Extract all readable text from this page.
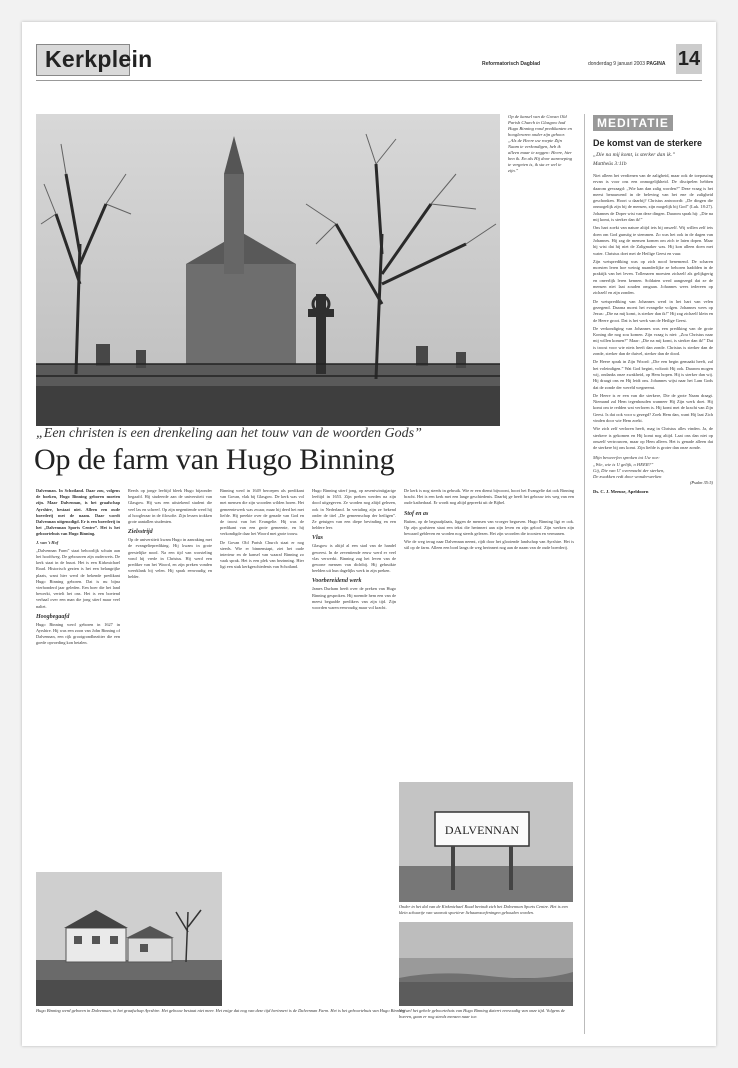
Kerkplein	Reformatorisch Dagblad	donderdag 9 januari 2003 PAGINA 14
Op de kansel van de Govan Old Parish Church in Glasgow had Hugo Binning rond predikanten en hoogleraren onder zijn gehoor. „Als de Heere uw roepte Zijn Naam te verkondigen, heb ik alleen maar te zeggen: Heere, hier ben ik. En als Hij door aanroeping te vergeten is, ik sta er wel te zijn.”
„Een christen is een drenkeling aan het touw van de woorden Gods”
Op de farm van Hugo Binning

Dalvennan. In Schotland. Daar zou, volgens de boeken, Hugo Binning geboren moeten zijn. Maar Dalvennan, is het graafschap Ayrshire, bestaat niet. Alleen een oude boerderij met de naam. Daar wordt Dalvennan uitgenodigd. Er is een boerderij in het „Dalvennan Sports Centre”. Het is het geboortehuis van Hugo Binning.

J. van 't Hof

„Dalvennan Farm” staat behoorlijk schuin aan het hoofdweg. De gebouwen zijn ouderwets. De kerk staat in de buurt. Het is een Kirkmichael Road. Historisch gezien is het een belangrijke plaats, want hier werd de bekende predikant Hugo Binning geboren. Dat is nu bijna vierhonderd jaar geleden. Een boer die het land bewerkt, vertelt het ons. Het is een boeiend verhaal over een man die jong stierf maar veel naliet.

Hoogbegaafd

Hugo Binning werd geboren in 1627 in Ayrshire. Hij was een zoon van John Binning of Dalvennan, een rijk grootgrondbezitter die een goede opvoeding kon betalen.

Reeds op jonge leeftijd bleek Hugo bijzonder begaafd. Hij studeerde aan de universiteit van Glasgow. Hij was een uitstekend student die veel las en schreef. Op zijn negentiende werd hij al hoogleraar in de filosofie. Zijn lessen trokken grote aantallen studenten.

Zielsstrijd

Op de universiteit kwam Hugo in aanraking met de evangelieprediking. Hij kwam in grote geestelijke nood. Na een tijd van worsteling vond hij vrede in Christus. Hij werd een prediker van het Woord, en zijn preken vonden weerklank bij velen. Hij sprak eenvoudig en helder.

Binning werd in 1649 beroepen als predikant van Govan, vlak bij Glasgow. De kerk was vol met mensen die zijn woorden wilden horen. Het gemeentewerk was zwaar, maar hij deed het met liefde. Hij preekte over de genade van God en de troost van het Evangelie. Hij was de predikant van een grote gemeente, en hij verkondigde daar het Woord met grote trouw.

De Govan Old Parish Church staat er nog steeds. Wie er binnenstapt, ziet het oude interieur en de kansel van waaraf Binning zo vaak sprak. Het is een plek van bezinning. Hier ligt een stuk kerkgeschiedenis van Schotland.

Hugo Binning stierf jong, op zesentwintigjarige leeftijd in 1653. Zijn preken werden na zijn dood uitgegeven. Ze worden nog altijd gelezen, ook in Nederland. In vertaling zijn ze bekend onder de titel „De gemeenschap der heiligen”. Ze getuigen van een diepe bevinding en een heldere leer.

Vlas

Glasgow is altijd al een stad van de handel geweest. In de zeventiende eeuw werd er veel vlas verwerkt. Binning zag het leven van de gewone mensen van dichtbij. Hij gebruikte beelden uit hun dagelijks werk in zijn preken.

Voorbereidend werk

James Durham heeft over de preken van Hugo Binning gesproken. Hij noemde hem een van de meest begaafde predikers van zijn tijd. Zijn woorden waren eenvoudig maar vol kracht.

De kerk is nog steeds in gebruik. Wie er een dienst bijwoont, hoort het Evangelie dat ook Binning bracht. Het is een kerk met een lange geschiedenis. Daarbij ge heeft het gebouw iets weg van een oude kathedraal. Er wordt nog altijd gepreekt uit de Bijbel.

Stof en as

Buiten, op de begraafplaats, liggen de mensen van vroeger begraven. Hugo Binning ligt er ook. Op zijn grafsteen staat een tekst die herinnert aan zijn leven en zijn geloof. Zijn werken zijn bewaard gebleven en worden nog steeds gelezen. Het zijn woorden die troosten en vermanen.

Wie de weg terug naar Dalvennan neemt, rijdt door het glooiende landschap van Ayrshire. Het is stil op de farm. Alleen een bord langs de weg herinnert nog aan de naam van de oude boerderij.

Hugo Binning werd geboren in Dalvennan, in het graafschap Ayrshire. Het gebouw bestaat niet meer. Het enige dat nog van deze tijd herinnert is de Dalvennan Farm. Het is het geboortehuis van Hugo Binning.
DALVENNAN
Onder in het dal van de Kirkmichael Road bevindt zich het Dalvennan Sports Centre. Het is een klein schuurtje van waaruit sportieve lichaamsoefeningen gehouden worden.
Vrijwel het gehele geboortehuis van Hugo Binning daterrt eenvoudig van onze tijd. Volgens de boeren, gaan er nog steeds mensen naar toe.
MEDITATIE
De komst van de sterkere
„Die na mij komt, is sterker dan ik.”
Mattheüs 3:11b

Niet alleen het verdienen van de zaligheid, maar ook de toepassing ervan is voor ons een onmogelijkheid. De discipelen hebben daarom gevraagd: „Wie kan dan zalig worden?” Deze vraag is het meest benauwend in de beleving van het ene de zaligheid geschonken. Hoort u daarbij? Christus antwoordt: „De dingen die onmogelijk zijn bij de mensen, zijn mogelijk bij God” (Luk. 18:27). Johannes de Doper wist van deze dingen. Daarom sprak hij: „Die na mij komt, is sterker dan ik!”

Ons hart zoekt van nature altijd iets bij onszelf. Wij willen zelf iets doen om God gunstig te stemmen. Zo was het ook in de dagen van Johannes. Hij zag de mensen komen om zich te laten dopen. Maar hij wist dat hij niet de Zaligmaker was. Hij kon alleen doen met water. Christus doet met de Heilige Geest en vuur.

Zijn wetsprediking was op zich nood benemend. De scharen moesten leren hoe weinig nuanderlijke ze behoren haddden in de praktijk van het leven. Tollenaren moesten zichzelf als gelijkgerig en oneerlijk leren kennen. Soldaten werd aangezegd dat ze de mensen niet laat zouden omgaan. Johannes wees iedereen op zichzelf en zijn zonden.

De wetsprediking van Johannes werd in het hart van velen gezegend. Daarna moest het evangelie volgen. Johannes wees op Jezus: „Die na mij komt, is sterker dan ik!” Hij zag zichzelf klein en de Heere groot. Dat is het werk van de Heilige Geest.

De verkondiging van Johannes was een prediking van de grote Koning die nog zou komen. Zijn vraag is niet: „Zou Christus naar mij willen komen?” Maar: „Die na mij komt, is sterker dan ik!” Dat is troost voor wie niets heeft dan zonde. Christus is sterker dan de zonde, sterker dan de duivel, sterker dan de dood.

De Heere sprak in Zijn Woord: „Die een begin gemaakt heeft, zal het voleindigen.” Wat God begint, voltooit Hij ook. Daarom mogen wij, ondanks onze zwakheid, op Hem hopen. Hij is sterker dan wij. Hij draagt ons en Hij leidt ons. Johannes wijst naar het Lam Gods dat de zonde der wereld wegneemt.

De Heere is er een van die sterkere, Die de grote Naam draagt. Niemand zal Hem tegenhouden wanneer Hij Zijn werk doet. Hij komt om te redden wat verloren is. Hij komt met de kracht van Zijn Geest. Is dat ook voor u gezegd? Zoek Hem dan, want Hij laat Zich vinden door wie Hem zoekt.

Wie zich zelf verloren heeft, mag in Christus alles vinden. Ja, de sterkere is gekomen en Hij komt nog altijd. Laat ons dan niet op onszelf vertrouwen, maar op Hem alleen. Het is genade alleen dat de sterkere bij ons komt. Zijn liefde is groter dan onze zonde.

Mijn beweerfen sproken tot Uw oor:
„Wie, wie is U gelijk, o HEER?”
Gij, Die van U' overmacht der sterken,
De zwakken redt door wonderwerken
(Psalm 35:5)
Ds. C. J. Meeuse, Apeldoorn
